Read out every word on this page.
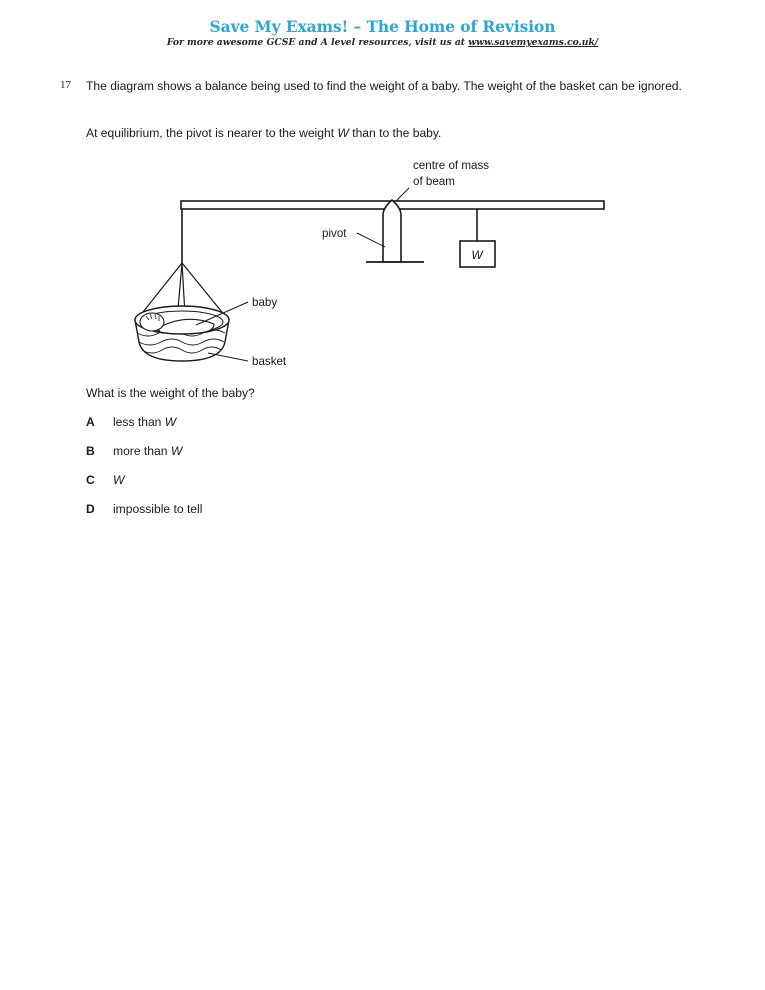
Save My Exams! – The Home of Revision
For more awesome GCSE and A level resources, visit us at www.savemyexams.co.uk/
17 The diagram shows a balance being used to find the weight of a baby. The weight of the basket can be ignored.
At equilibrium, the pivot is nearer to the weight W than to the baby.
centre of mass
of beam
pivot
W
baby
basket
What is the weight of the baby?
A	less than W
B	more than W
C	W
D	impossible to tell
